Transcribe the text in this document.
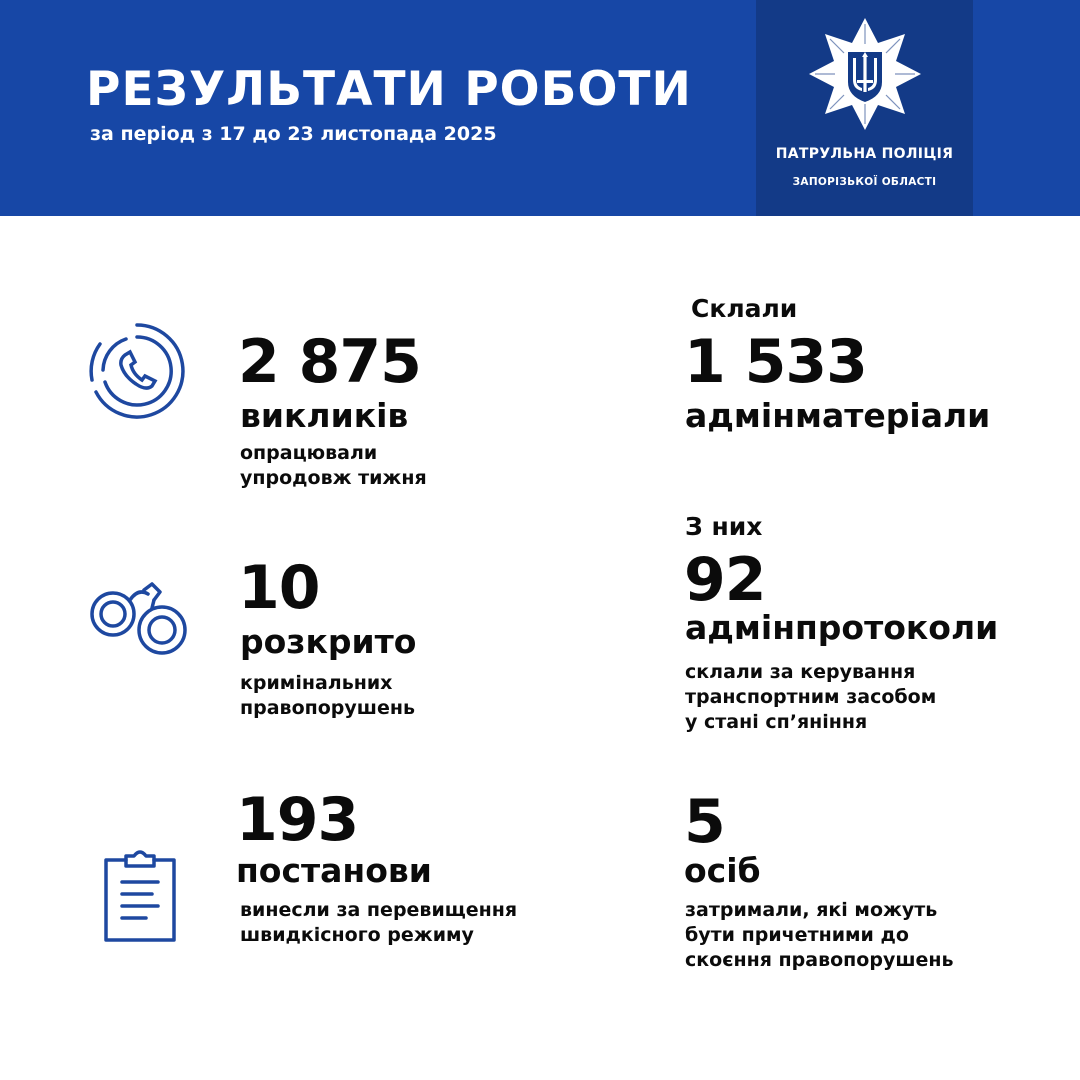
РЕЗУЛЬТАТИ РОБОТИ
за період з 17 до 23 листопада 2025
ПАТРУЛЬНА ПОЛІЦІЯ
ЗАПОРІЗЬКОЇ ОБЛАСТІ
2 875
викликів
опрацювали
упродовж тижня
10
розкрито
кримінальних
правопорушень
193
постанови
винесли за перевищення
швидкісного режиму
Склали
1 533
адмінматеріали
З них
92
адмінпротоколи
склали за керування
транспортним засобом
у стані сп’яніння
5
осіб
затримали, які можуть
бути причетними до
скоєння правопорушень
